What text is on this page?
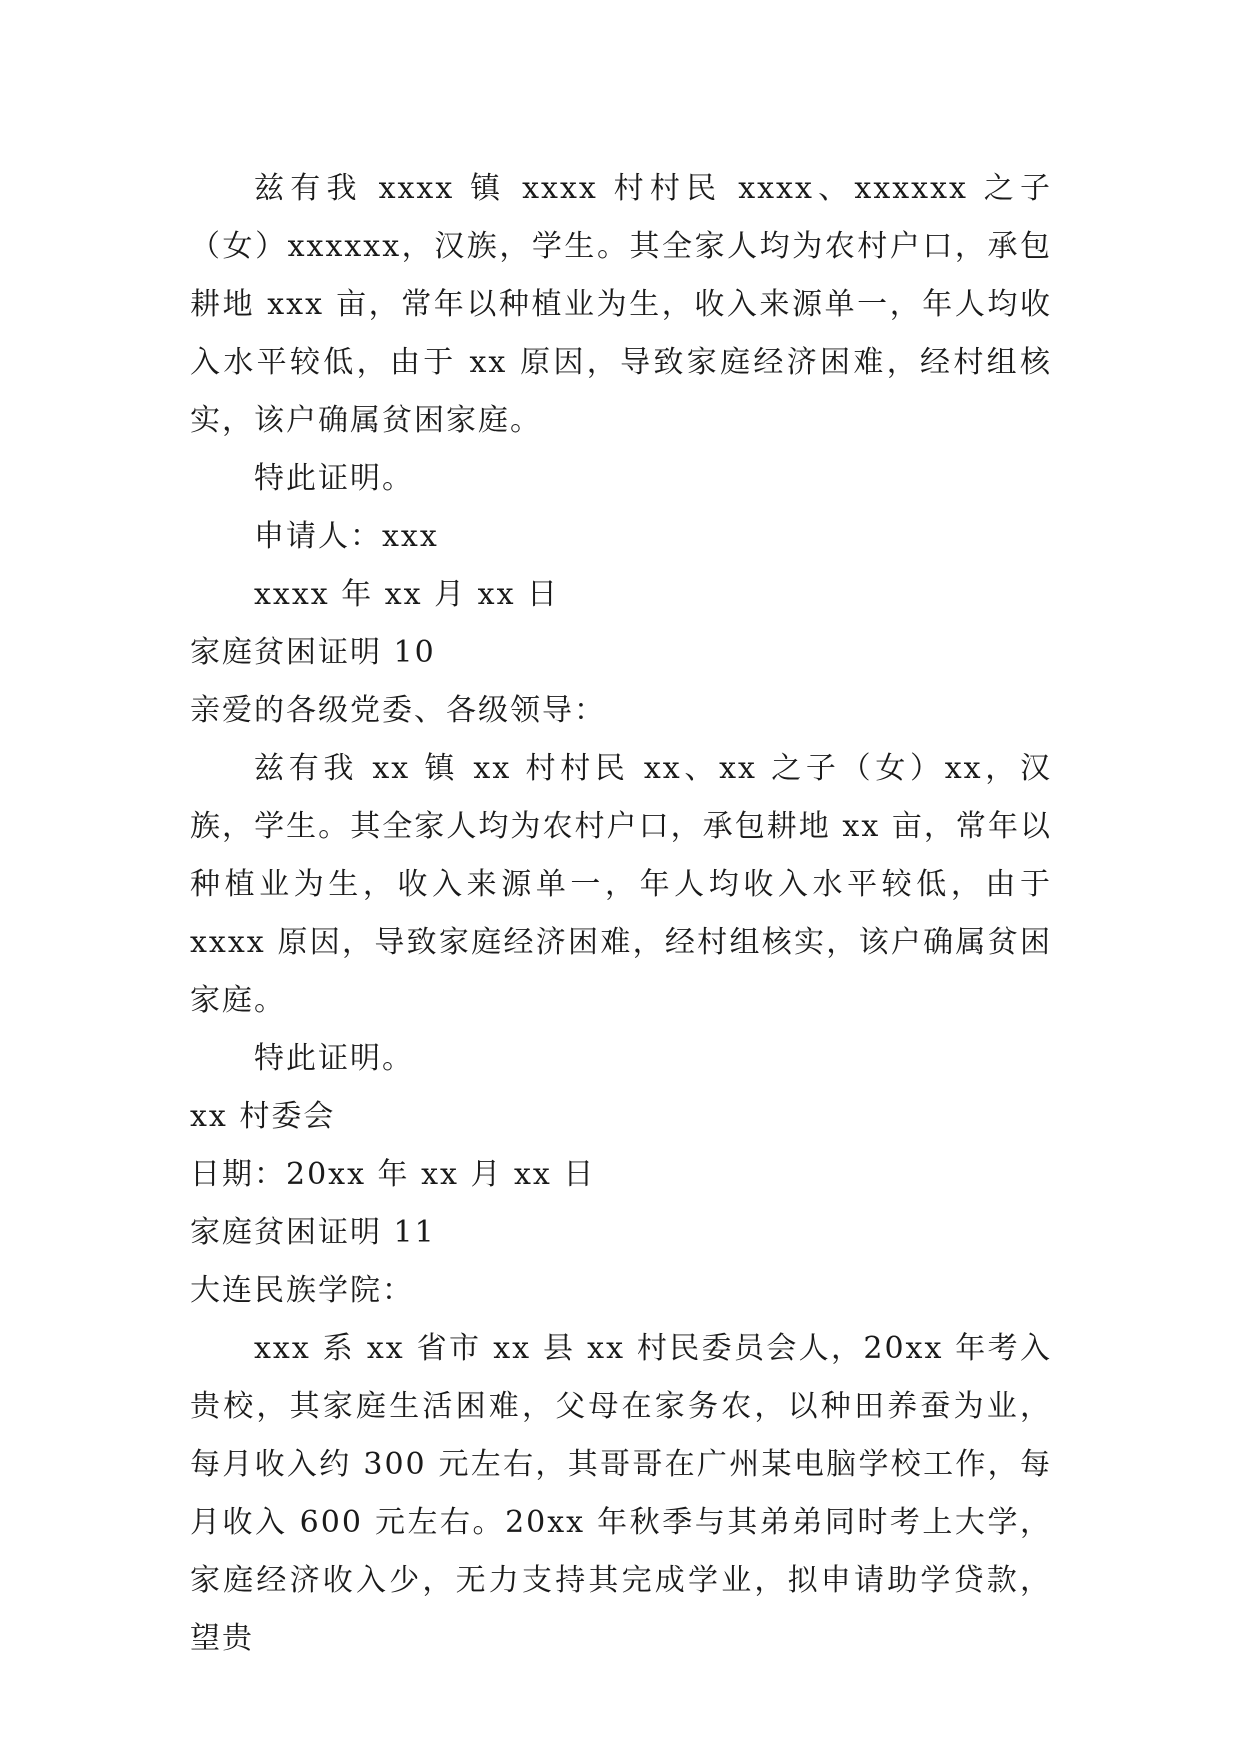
兹有我 xxxx 镇 xxxx 村村民 xxxx、xxxxxx 之子（女）xxxxxx，汉族，学生。其全家人均为农村户口，承包耕地 xxx 亩，常年以种植业为生，收入来源单一，年人均收入水平较低，由于 xx 原因，导致家庭经济困难，经村组核实，该户确属贫困家庭。

特此证明。

申请人：xxx

xxxx 年 xx 月 xx 日

家庭贫困证明 10

亲爱的各级党委、各级领导：

兹有我 xx 镇 xx 村村民 xx、xx 之子（女）xx，汉族，学生。其全家人均为农村户口，承包耕地 xx 亩，常年以种植业为生，收入来源单一，年人均收入水平较低，由于 xxxx 原因，导致家庭经济困难，经村组核实，该户确属贫困家庭。

特此证明。

xx 村委会

日期：20xx 年 xx 月 xx 日

家庭贫困证明 11

大连民族学院：

xxx 系 xx 省市 xx 县 xx 村民委员会人，20xx 年考入贵校，其家庭生活困难，父母在家务农，以种田养蚕为业，每月收入约 300 元左右，其哥哥在广州某电脑学校工作，每月收入 600 元左右。20xx 年秋季与其弟弟同时考上大学，家庭经济收入少，无力支持其完成学业，拟申请助学贷款，望贵
